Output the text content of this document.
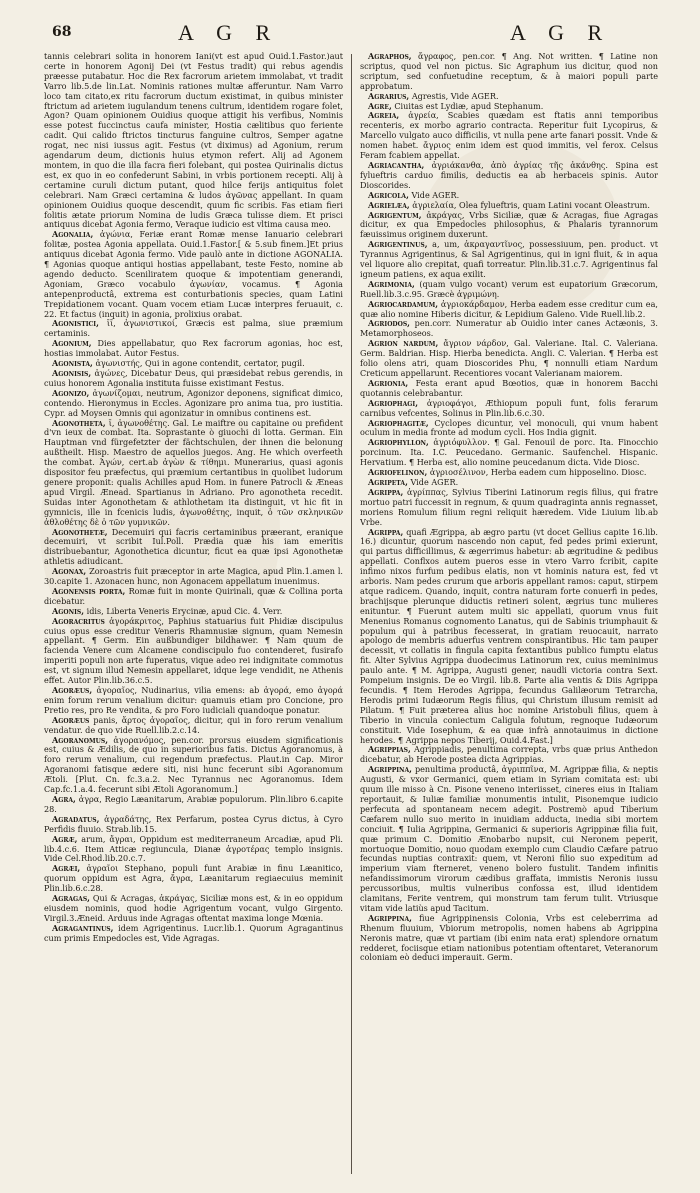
68	A G R	A G R

tannis celebrari solita in honorem Iani(vt est apud Ouid.1.Fastor.)aut certe in honorem Agonij Dei (vt Festus tradit) qui rebus agendis præesse putabatur. Hoc die Rex facrorum arietem immolabat, vt tradit Varro lib.5.de lin.Lat. Nominis rationes multæ afferuntur. Nam Varro loco tam citato,ex ritu facrorum ductum existimat, in quibus minister ftrictum ad arietem iugulandum tenens cultrum, identidem rogare folet, Agon? Quam opinionem Ouidius quoque attigit his verfibus, Nominis esse potest fuccinctus caufa minister, Hostia cælitibus quo feriente cadit. Qui calido ftrictos tincturus fanguine cultros, Semper agatne rogat, nec nisi iussus agit. Festus (vt diximus) ad Agonium, rerum agendarum deum, dictionis huius etymon refert. Alij ad Agonem montem, in quo die illa facra fieri folebant, qui postea Quirinalis dictus est, ex quo in eo confederunt Sabini, in vrbis portionem recepti. Alij à certamine curuli dictum putant, quod hilce ferijs antiquitus folet celebrari. Nam Græci certamina & ludos ἀγῶνας appellant. In quam opinionem Ouidius quoque descendit, quum fic scribis. Fas etiam fieri folitis ætate priorum Nomina de ludis Græca tulisse diem. Et prisci antiquus dicebat Agonia fermo, Veraque iudicio est vltima causa meo.

Agonalia, ἀγώνια, Feriæ erant Romæ mense Ianuario celebrari folitæ, postea Agonia appellata. Ouid.1.Fastor.[ & 5.sub finem.]Et prius antiquus dicebat Agonia fermo. Vide paulò ante in dictione AGONALIA. ¶ Agonias quoque antiqui hostias appellabant, teste Festo, nomine ab agendo deducto. Sceniliratem quoque & impotentiam generandi, Agoniam, Græco vocabulo ἀγωνίαν, vocamus. ¶ Agonia antepenproductâ, extrema est conturbationis species, quam Latini Trepidationem vocant. Quam vocem etiam Lucæ interpres feruauit, c. 22. Et factus (inquit) in agonia, prolixius orabat.

Agonistici, ῑῑ, ἀγωνιστικοί, Græcis est palma, siue præmium certaminis.

Agonium, Dies appellabatur, quo Rex facrorum agonias, hoc est, hostias immolabat. Autor Festus.

Agonista, ἀγωνιστής, Qui in agone contendit, certator, pugil.

Agonisis, ἀγώνες, Dicebatur Deus, qui præsidebat rebus gerendis, in cuius honorem Agonalia instituta fuisse existimant Festus.

Agonizo, ἀγωνίζομαι, neutrum, Agonizor deponens, significat dimico, contendo. Hieronymus in Eccles. Agonizare pro anima tua, pro iustitia. Cypr. ad Moysen Omnis qui agonizatur in omnibus continens est.

Agonotheta, ῑ, ἀγωνοθέτης. Gal. Le maiftre ou capitaine ou prefident d'vn ieux de combat. Ita. Soprastante ò giuochi di lotta. German. Ein Hauptman vnd fürgefetzter der fächtschulen, der ihnen die belonung außtheilt. Hisp. Maestro de aquellos juegos. Ang. He which overfeeth the combat. Ἀγών, cert.ab ἀγὼν & τίθημι. Munerarius, quasi agonis dispositor feu præfectus, qui præmium certantibus in quolibet ludorum genere proponit: qualis Achilles apud Hom. in funere Patrocli & Æneas apud Virgil. Ænead. Spartianus in Adriano. Pro agonotheta recedit. Suidas inter Agonothetam & athlothetam ita distinguit, vt hic fit in gymnicis, ille in fcenicis ludis, ἀγωνοθέτης, inquit, ὁ τῶν σκληνικῶν ἀθλοθέτης δὲ ὁ τῶν γυμνικῶν.

Agonothetæ, Decemuiri qui facris certaminibus præerant, eranique decemuiri, vt scribit Iul.Poll. Prædia quæ his iam emeritis distribuebantur, Agonothetica dicuntur, ficut ea quæ ipsi Agonothetæ athletis adiudicant.

Agonax, Zoroastris fuit præceptor in arte Magica, apud Plin.1.amen l. 30.capite 1. Azonacen hunc, non Agonacem appellatum inuenimus.

Agonensis porta, Romæ fuit in monte Quirinali, quæ & Collina porta dicebatur.

Agonis, idis, Liberta Veneris Erycinæ, apud Cic. 4. Verr.

Agoracritus ἀγοράκριτος, Paphius statuarius fuit Phidiæ discipulus cuius opus esse creditur Veneris Rhamnusiæ signum, quam Nemesin appellant. ¶ Germ. Ein außbundiger bildhawer. ¶ Nam quum de facienda Venere cum Alcamene condiscipulo fuo contenderet, fusirafo imperiti populi non arte fuperatus, vique adeo rei indignitate commotus est, vt signum illud Nemesin appellaret, idque lege vendidit, ne Athenis effet. Autor Plin.lib.36.c.5.

Agoræus, ἀγοραῖος, Nudinarius, vilia emens: ab ἀγορά, emo ἀγορά enim forum rerum venalium dicitur: quamuis etiam pro Concione, pro Pretio res, pro Re vendita, & pro Foro iudiciali quandoque ponatur.

Agoræus panis, ἄρτος ἀγοραῖος, dicitur, qui in foro rerum venalium vendatur. de quo vide Ruell.lib.2.c.14.

Agoranomus, ἀγορανόμος, pen.cor. prorsus eiusdem significationis est, cuius & Ædilis, de quo in superioribus fatis. Dictus Agoranomus, à foro rerum venalium, cui regendum præfectus. Plaut.in Cap. Miror Agoranomi fatisque ædere siti, nisi hunc fecerunt sibi Agoranomum Ætoli. [Plut. Cn. fc.3.a.2. Nec Tyrannus nec Agoranomus. Idem Cap.fc.1.a.4. fecerunt sibi Ætoli Agoranomum.]

Agra, ἀγρα, Regio Læanitarum, Arabiæ populorum. Plin.libro 6.capite 28.

Agradatus, ἀγραδάτης, Rex Perfarum, postea Cyrus dictus, à Cyro Perfidis fluuio. Strab.lib.15.

Agræ, arum, ἄγραι, Oppidum est mediterraneum Arcadiæ, apud Pli. lib.4.c.6. Item Atticæ regiuncula, Dianæ ἀγροτέρας templo insignis. Vide Cel.Rhod.lib.20.c.7.

Agræi, ἀγραῖοι Stephano, populi funt Arabiæ in finu Læanitico, quorum oppidum est Agra, ἄγρα, Læanitarum regiaecuius meminit Plin.lib.6.c.28.

Agragas, Qui & Acragas, ἀκράγας, Siciliæ mons est, & in eo oppidum eiusdem nominis, quod hodie Agrigentum vocant, vulgo Girgento. Virgil.3.Æneid. Arduus inde Agragas oftentat maxima longe Mœnia.

Agragantinus, idem Agrigentinus. Lucr.lib.1. Quorum Agragantinus cum primis Empedocles est, Vide Agragas.

Agraphos, ἄγραφος, pen.cor. ¶ Ang. Not written. ¶ Latine non scriptus, quod vel non pictus. Sic Agraphum ius dicitur, quod non scriptum, sed confuetudine receptum, & à maiori populi parte approbatum.

Agrarius, Agrestis, Vide AGER.

Agre, Ciuitas est Lydiæ, apud Stephanum.

Agreia, ἀγρεία, Scabies quædam est ftatis anni temporibus recenteris, ex morbo agrario contracta. Reperitur fuit Lycopirus, & Marcello vulgato auco difficilis, vt nulla pene arte fanari possit. Vnde & nomen habet. ἄγριος enim idem est quod immitis, vel ferox. Celsus Feram fcabiem appellat.

Agriacantha, ἀγριάκανθα, ἀπὸ ἀγρίας τῆς ἀκάνθης. Spina est fylueftris carduo fimilis, deductis ea ab herbaceis spinis. Autor Dioscorides.

Agricola, Vide AGER.

Agrielæa, ἀγριελαία, Olea fylueftris, quam Latini vocant Oleastrum.

Agrigentum, ἀκράγας, Vrbs Siciliæ, quæ & Acragas, fiue Agragas dicitur, ex qua Empedocles philosophus, & Phalaris tyrannorum fæuissimus originem duxerunt.

Agrigentinus, a, um, ἀκραγαντῖνος, possessiuum, pen. product. vt Tyrannus Agrigentinus, & Sal Agrigentinus, qui in igni fluit, & in aqua vel liquore alio crepitat, quafi torreatur. Plin.lib.31.c.7. Agrigentinus fal igneum patiens, ex aqua exilit.

Agrimonia, (quam vulgo vocant) verum est eupatorium Græcorum, Ruell.lib.3.c.95. Græcè ἀγριμώνη.

Agriocardamum, ἀγριοκάρδαμον, Herba eadem esse creditur cum ea, quæ alio nomine Hiberis dicitur, & Lepidium Galeno. Vide Ruell.lib.2.

Agriodos, pen.corr. Numeratur ab Ouidio inter canes Actæonis, 3. Metamorphoseos.

Agrion nardum, ἄγριον νάρδον, Gal. Valeriane. Ital. C. Valeriana. Germ. Baldrian. Hisp. Hierba benedicta. Angli. C. Valerian. ¶ Herba est folio olens atri, quam Dioscorides Phu, ¶ nonnulli etiam Nardum Creticum appellarunt. Recentiores vocant Valerianam maiorem.

Agrionia, Festa erant apud Bœotios, quæ in honorem Bacchi quotannis celebrabantur.

Agriophagi, ἀγριοφάγοι, Æthiopum populi funt, folis ferarum carnibus vefcentes, Solinus in Plin.lib.6.c.30.

Agriophagitæ, Cyclopes dicuntur, vel monoculi, qui vnum habent oculum in media fronte ad modum cycli. Hos India gignit.

Agriophyllon, ἀγριόφυλλον. ¶ Gal. Fenouil de porc. Ita. Finocchio porcinum. Ita. I.C. Peucedano. Germanic. Saufenchel. Hispanic. Hervatium. ¶ Herba est, alio nomine peucedanum dicta. Vide Diosc.

Agriofelinon, ἀγριοσέλινον, Herba eadem cum hipposelino. Diosc.

Agripeta, Vide AGER.

Agrippa, ἀγρίππας, Sylvius Tiberini Latinorum regis filius, qui fratre mortuo patri fuccessit in regnum, & quum quadraginta annis regnasset, moriens Romulum filium regni reliquit hæredem. Vide Liuium lib.ab Vrbe.

Agrippa, quafi Ægrippa, ab ægro partu (vt docet Gellius capite 16.lib. 16.) dicuntur, quorum nascendo non caput, fed pedes primi exierunt, qui partus difficillimus, & ægerrimus habetur: ab ægritudine & pedibus appellati. Conflxos autem pueros esse in vtero Varro fcribit, capite infimo nixos furfum pedibus elatis, non vt hominis natura est, fed vt arboris. Nam pedes crurum que arboris appellant ramos: caput, stirpem atque radicem. Quando, inquit, contra naturam forte conuerfi in pedes, brachijsque plerunque diductis retineri solent, ægrius tunc mulieres enituntur. ¶ Fuerunt autem multi sic appellati, quorum vnus fuit Menenius Romanus cognomento Lanatus, qui de Sabinis triumphauit & populum qui à patribus fecesserat, in gratiam reuocauit, narrato apologo de membris aduerfus ventrem conspirantibus. Hic tam pauper decessit, vt collatis in fingula capita fextantibus publico fumptu elatus fit. Alter Sylvius Agrippa duodecimus Latinorum rex, cuius meminimus paulo ante. ¶ M. Agrippa, Augusti gener, naudli victoria contra Sext. Pompeium insignis. De eo Virgil. lib.8. Parte alia ventis & Diis Agrippa fecundis. ¶ Item Herodes Agrippa, fecundus Galilæorum Tetrarcha, Herodis primi Iudæorum Regis filius, qui Christum illusum remisit ad Pilatum. ¶ Fuit præterea alius hoc nomine Aristobuli filius, quem à Tiberio in vincula coniectum Caligula folutum, regnoque Iudæorum constituit. Vide Iosephum, & ea quæ infrà annotauimus in dictione herodes. ¶ Agrippa nepos Tiberij, Ouid.4.Fast.]

Agrippias, Agrippiadis, penultima correpta, vrbs quæ prius Anthedon dicebatur, ab Herode postea dicta Agrippias.

Agrippina, penultima productâ, ἀγριππῖνα, M. Agrippæ filia, & neptis Augusti, & vxor Germanici, quem etiam in Syriam comitata est: ubi quum ille misso à Cn. Pisone veneno interiisset, cineres eius in Italiam reportauit, & Iuliæ familiæ monumentis intulit, Pisonemque iudicio perfecuta ad spontaneam necem adegit. Postremò apud Tiberium Cæfarem nullo suo merito in inuidiam adducta, inedia sibi mortem conciuit. ¶ Iulia Agrippina, Germanici & superioris Agrippinæ filia fuit, quæ primum C. Domitio Ænobarbo nupsit, cui Neronem peperit, mortuoque Domitio, nouo quodam exemplo cum Claudio Cæfare patruo fecundas nuptias contraxit: quem, vt Neroni filio suo expeditum ad imperium viam fterneret, veneno bolero fustulit. Tandem infinitis nefandissimorum virorum cædibus graffata, immistis Neronis iussu percussoribus, multis vulneribus confossa est, illud identidem clamitans, Ferite ventrem, qui monstrum tam ferum tulit. Vtriusque vitam vide latiùs apud Tacitum.

Agrippina, fiue Agrippinensis Colonia, Vrbs est celeberrima ad Rhenum fluuium, Vbiorum metropolis, nomen habens ab Agrippina Neronis matre, quæ vt partiam (ibi enim nata erat) splendore ornatum redderet, fociisque etiam nationibus potentiam oftentaret, Veteranorum coloniam eò deduci imperauit. Germ.
